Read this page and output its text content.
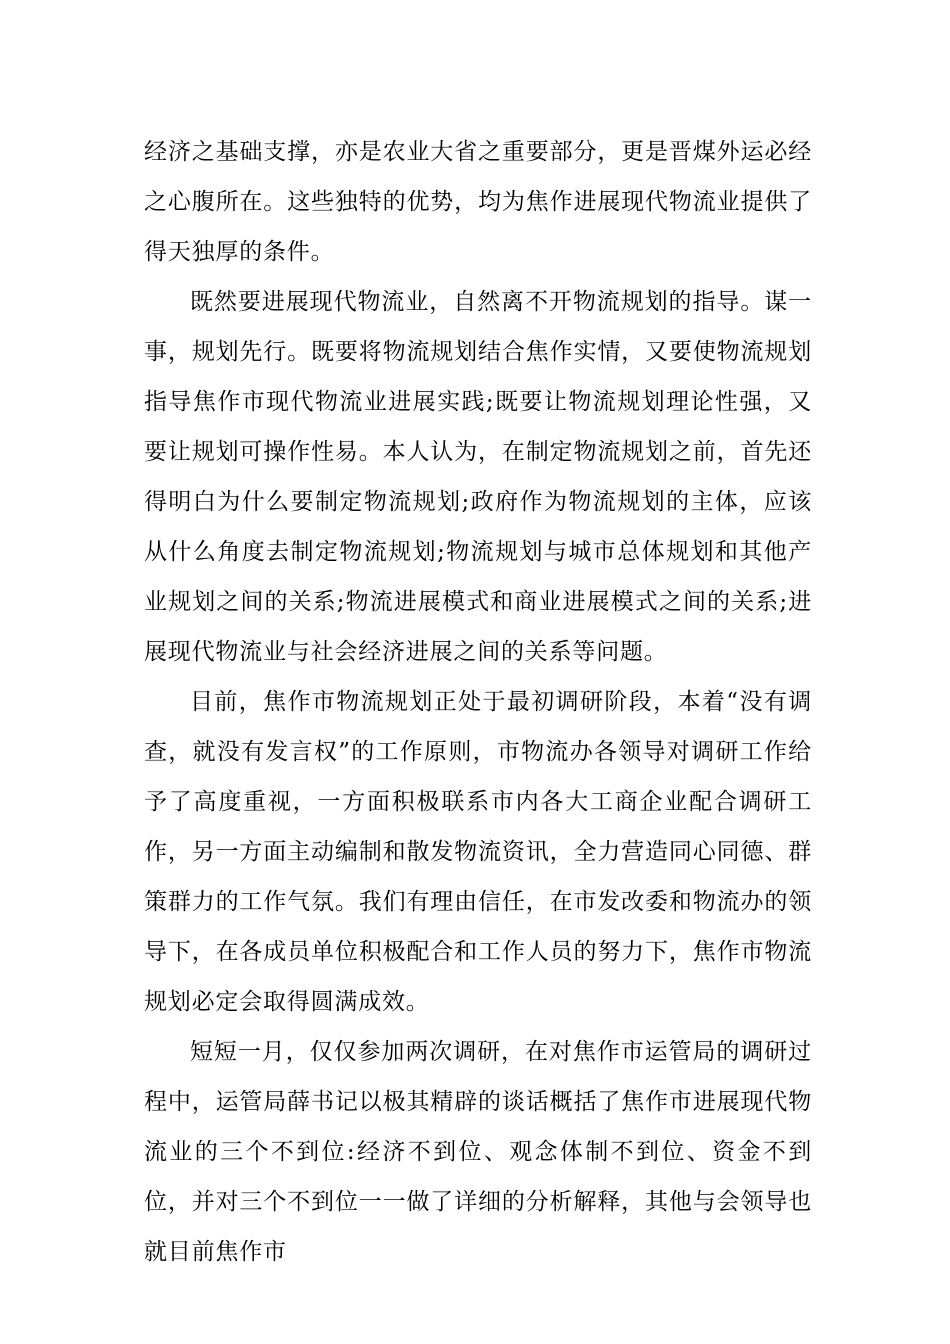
经济之基础支撑，亦是农业大省之重要部分，更是晋煤外运必经之心腹所在。这些独特的优势，均为焦作进展现代物流业提供了得天独厚的条件。

既然要进展现代物流业，自然离不开物流规划的指导。谋一事，规划先行。既要将物流规划结合焦作实情，又要使物流规划指导焦作市现代物流业进展实践;既要让物流规划理论性强，又要让规划可操作性易。本人认为，在制定物流规划之前，首先还得明白为什么要制定物流规划;政府作为物流规划的主体，应该从什么角度去制定物流规划;物流规划与城市总体规划和其他产业规划之间的关系;物流进展模式和商业进展模式之间的关系;进展现代物流业与社会经济进展之间的关系等问题。

目前，焦作市物流规划正处于最初调研阶段，本着“没有调查，就没有发言权”的工作原则，市物流办各领导对调研工作给予了高度重视，一方面积极联系市内各大工商企业配合调研工作，另一方面主动编制和散发物流资讯，全力营造同心同德、群策群力的工作气氛。我们有理由信任，在市发改委和物流办的领导下，在各成员单位积极配合和工作人员的努力下，焦作市物流规划必定会取得圆满成效。

短短一月，仅仅参加两次调研，在对焦作市运管局的调研过程中，运管局薛书记以极其精辟的谈话概括了焦作市进展现代物流业的三个不到位:经济不到位、观念体制不到位、资金不到位，并对三个不到位一一做了详细的分析解释，其他与会领导也就目前焦作市
